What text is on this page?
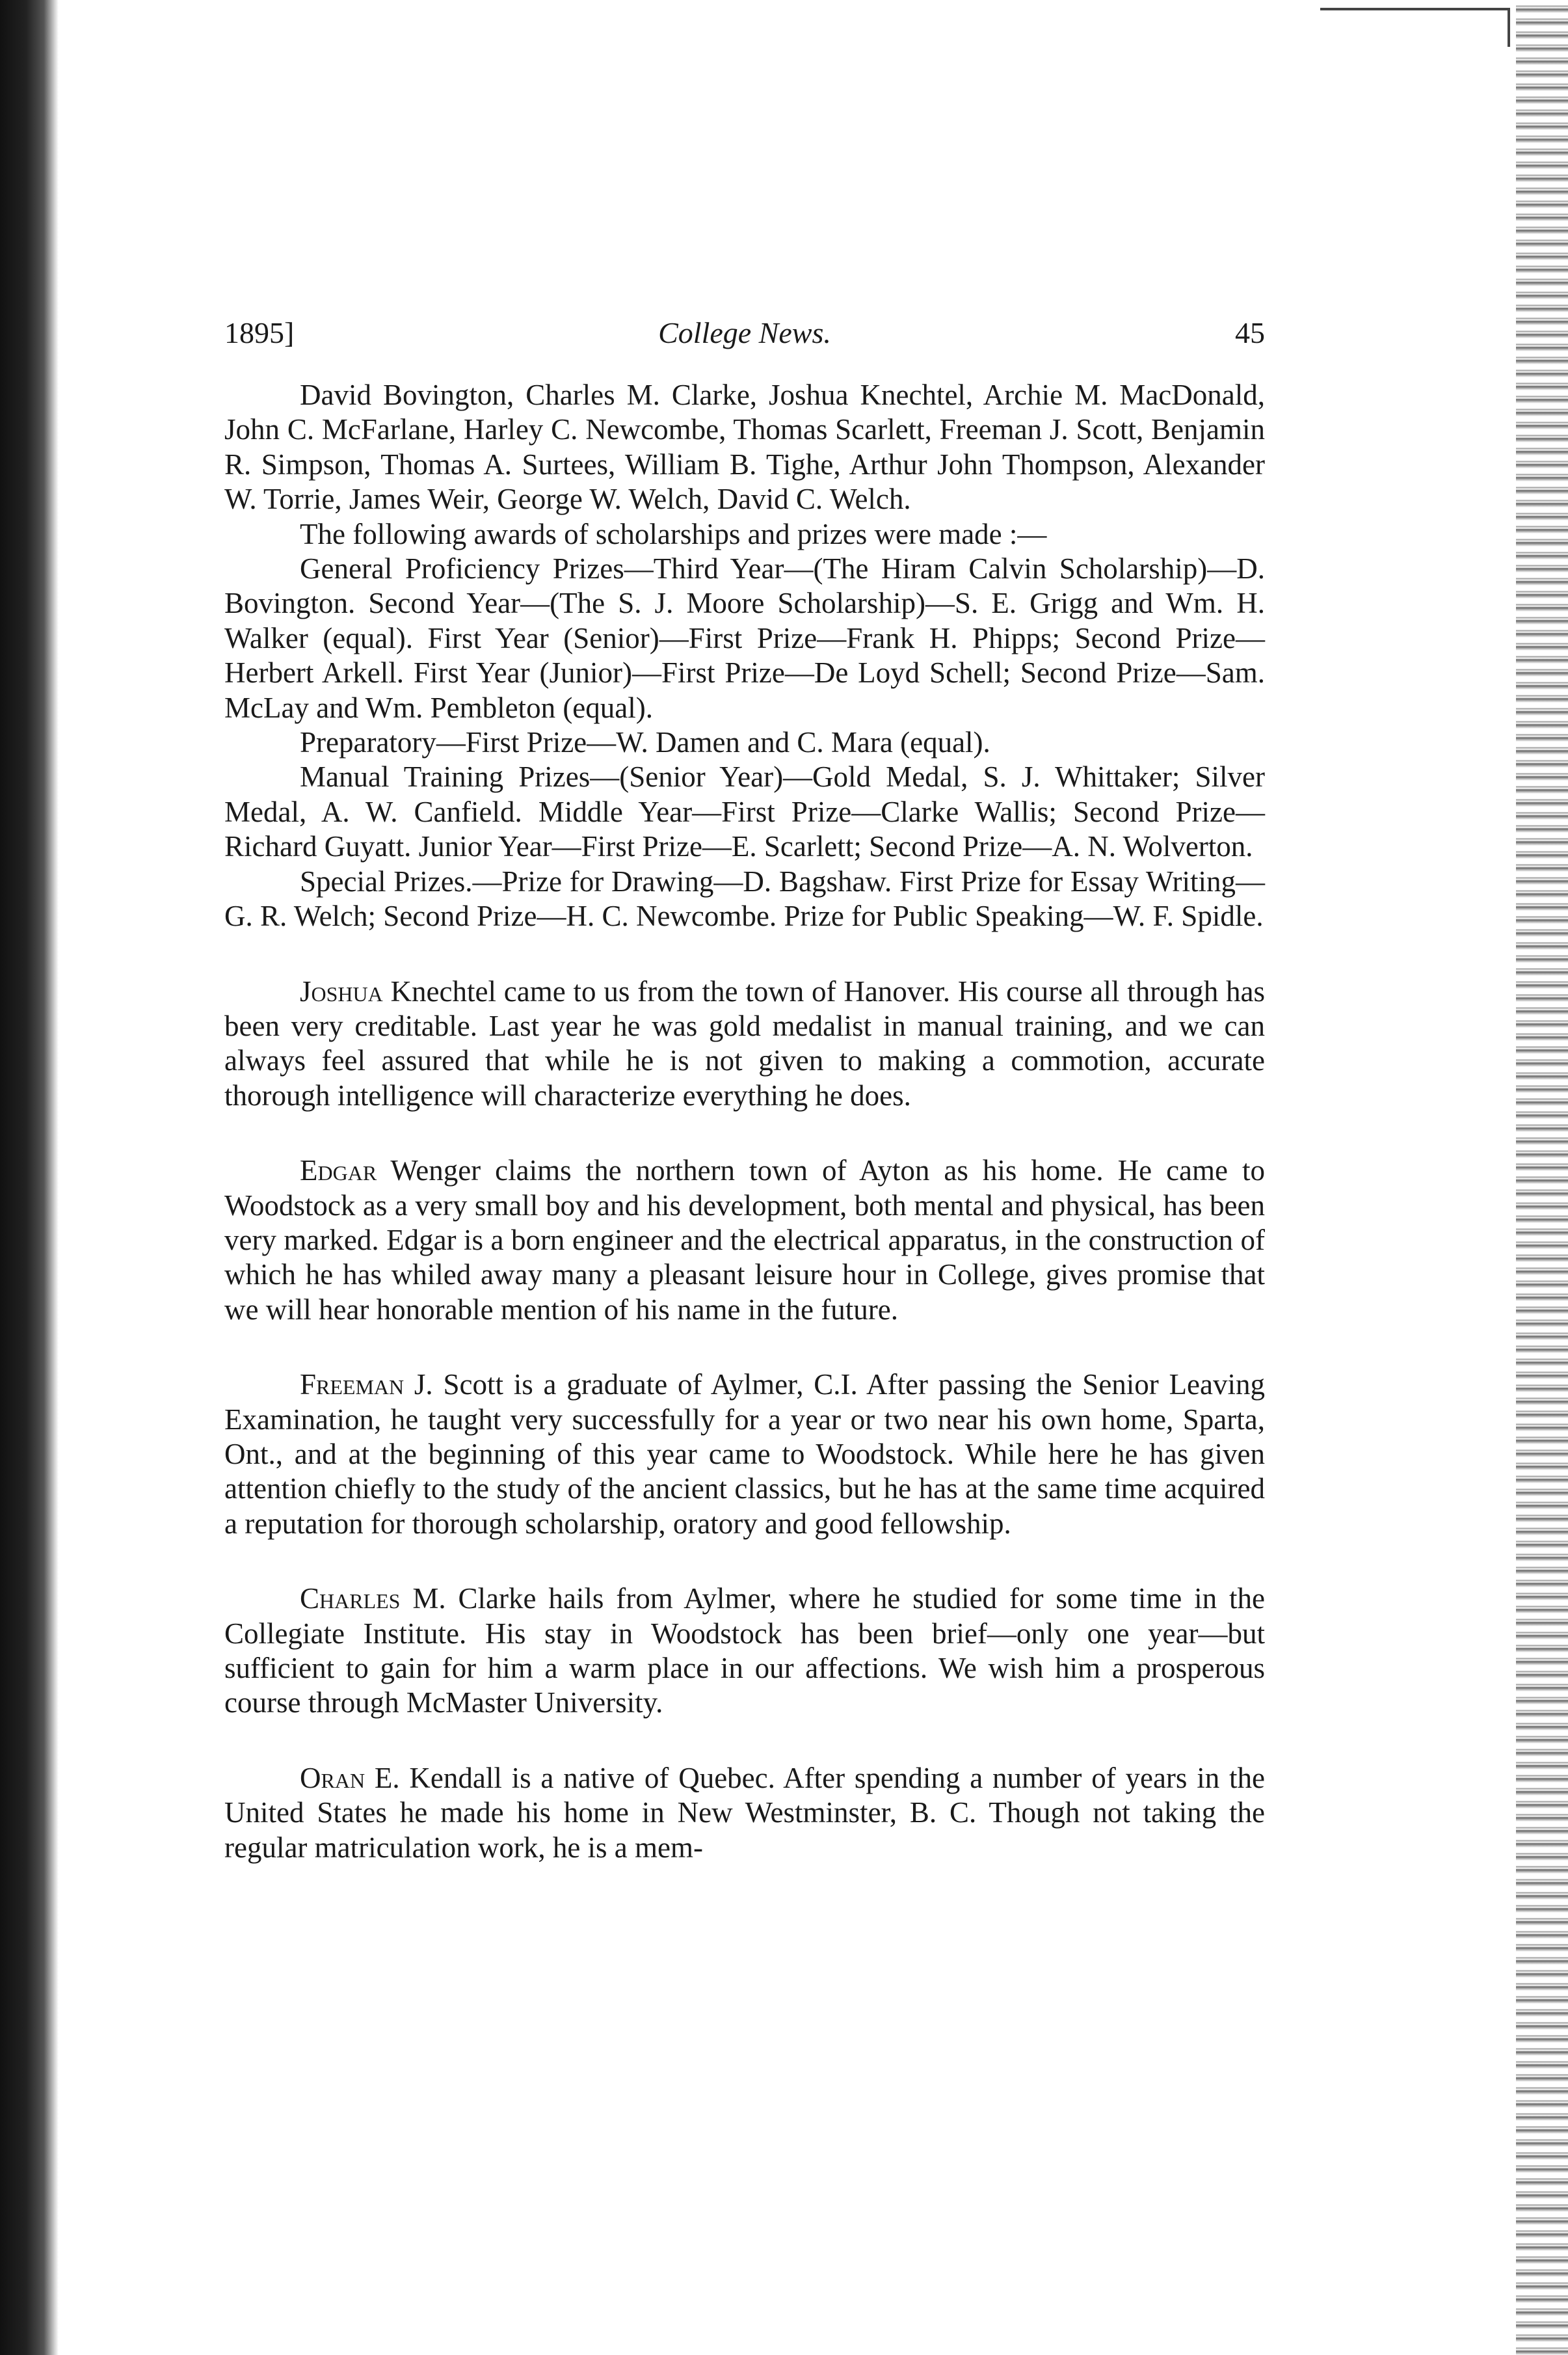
1895]	College News.	45

David Bovington, Charles M. Clarke, Joshua Knechtel, Archie M. MacDonald, John C. McFarlane, Harley C. Newcombe, Thomas Scarlett, Freeman J. Scott, Benjamin R. Simpson, Thomas A. Surtees, William B. Tighe, Arthur John Thompson, Alexander W. Torrie, James Weir, George W. Welch, David C. Welch.

The following awards of scholarships and prizes were made :—

General Proficiency Prizes—Third Year—(The Hiram Calvin Scholarship)—D. Bovington. Second Year—(The S. J. Moore Scholarship)—S. E. Grigg and Wm. H. Walker (equal). First Year (Senior)—First Prize—Frank H. Phipps; Second Prize—Herbert Arkell. First Year (Junior)—First Prize—De Loyd Schell; Second Prize—Sam. McLay and Wm. Pembleton (equal).

Preparatory—First Prize—W. Damen and C. Mara (equal).

Manual Training Prizes—(Senior Year)—Gold Medal, S. J. Whittaker; Silver Medal, A. W. Canfield. Middle Year—First Prize—Clarke Wallis; Second Prize—Richard Guyatt. Junior Year—First Prize—E. Scarlett; Second Prize—A. N. Wolverton.

Special Prizes.—Prize for Drawing—D. Bagshaw. First Prize for Essay Writing—G. R. Welch; Second Prize—H. C. Newcombe. Prize for Public Speaking—W. F. Spidle.

Joshua Knechtel came to us from the town of Hanover. His course all through has been very creditable. Last year he was gold medalist in manual training, and we can always feel assured that while he is not given to making a commotion, accurate thorough intelligence will characterize everything he does.

Edgar Wenger claims the northern town of Ayton as his home. He came to Woodstock as a very small boy and his development, both mental and physical, has been very marked. Edgar is a born engineer and the electrical apparatus, in the construction of which he has whiled away many a pleasant leisure hour in College, gives promise that we will hear honorable mention of his name in the future.

Freeman J. Scott is a graduate of Aylmer, C.I. After passing the Senior Leaving Examination, he taught very successfully for a year or two near his own home, Sparta, Ont., and at the beginning of this year came to Woodstock. While here he has given attention chiefly to the study of the ancient classics, but he has at the same time acquired a reputation for thorough scholarship, oratory and good fellowship.

Charles M. Clarke hails from Aylmer, where he studied for some time in the Collegiate Institute. His stay in Woodstock has been brief—only one year—but sufficient to gain for him a warm place in our affections. We wish him a prosperous course through McMaster University.

Oran E. Kendall is a native of Quebec. After spending a number of years in the United States he made his home in New Westminster, B. C. Though not taking the regular matriculation work, he is a mem-
